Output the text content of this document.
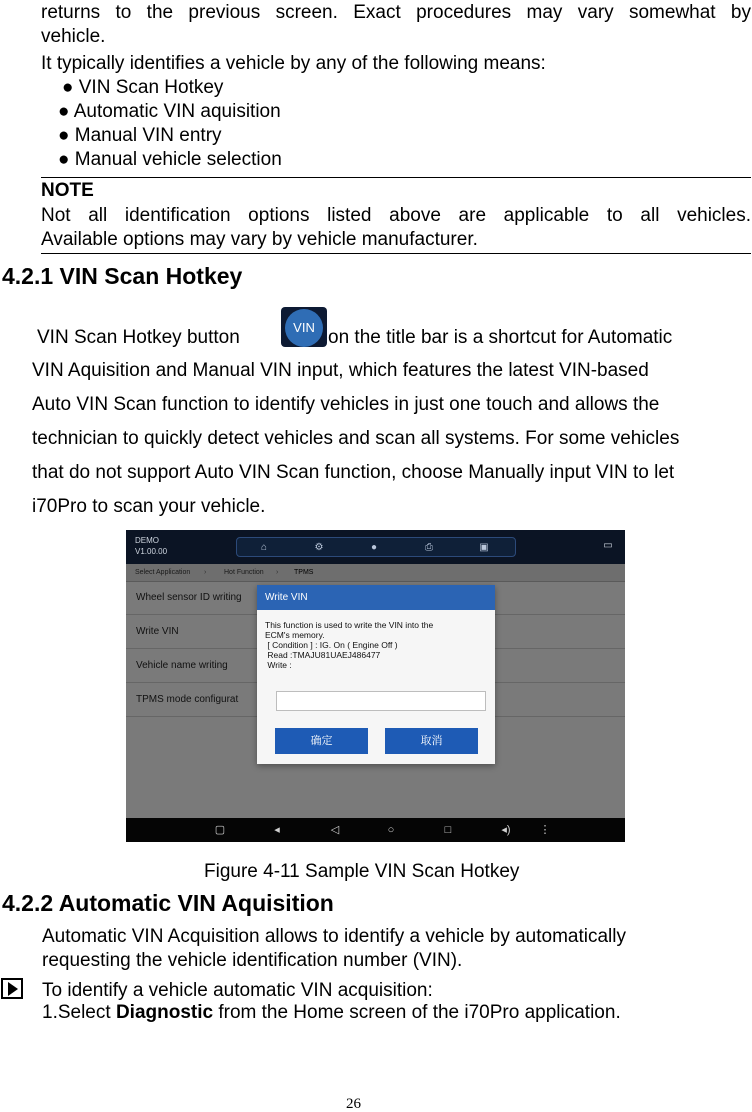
returns to the previous screen. Exact procedures may vary somewhat by
vehicle.
It typically identifies a vehicle by any of the following means:
● VIN Scan Hotkey
● Automatic VIN aquisition
● Manual VIN entry
● Manual vehicle selection
NOTE
Not all identification options listed above are applicable to all vehicles.
Available options may vary by vehicle manufacturer.
4.2.1 VIN Scan Hotkey
VIN Scan Hotkey button	VIN on the title bar is a shortcut for Automatic
VIN Aquisition and Manual VIN input, which features the latest VIN-based
Auto VIN Scan function to identify vehicles in just one touch and allows the
technician to quickly detect vehicles and scan all systems. For some vehicles
that do not support Auto VIN Scan function, choose Manually input VIN to let
i70Pro to scan your vehicle.
DEMO
V1.00.00	⌂	⚙	●	⎙	▣	▭
Select Application ›	Hot Function › TPMS
Wheel sensor ID writing
Write VIN
Vehicle name writing
TPMS mode configurat
Write VIN
This function is used to write the VIN into the
ECM's memory.
[ Condition ] : IG. On ( Engine Off )
Read :TMAJU81UAEJ486477
Write :
确定	取消
▢	◂	◁	○	□	◂)	⋮
Figure 4-11 Sample VIN Scan Hotkey
4.2.2 Automatic VIN Aquisition
Automatic VIN Acquisition allows to identify a vehicle by automatically
requesting the vehicle identification number (VIN).
To identify a vehicle automatic VIN acquisition:
1.Select Diagnostic from the Home screen of the i70Pro application.
26
